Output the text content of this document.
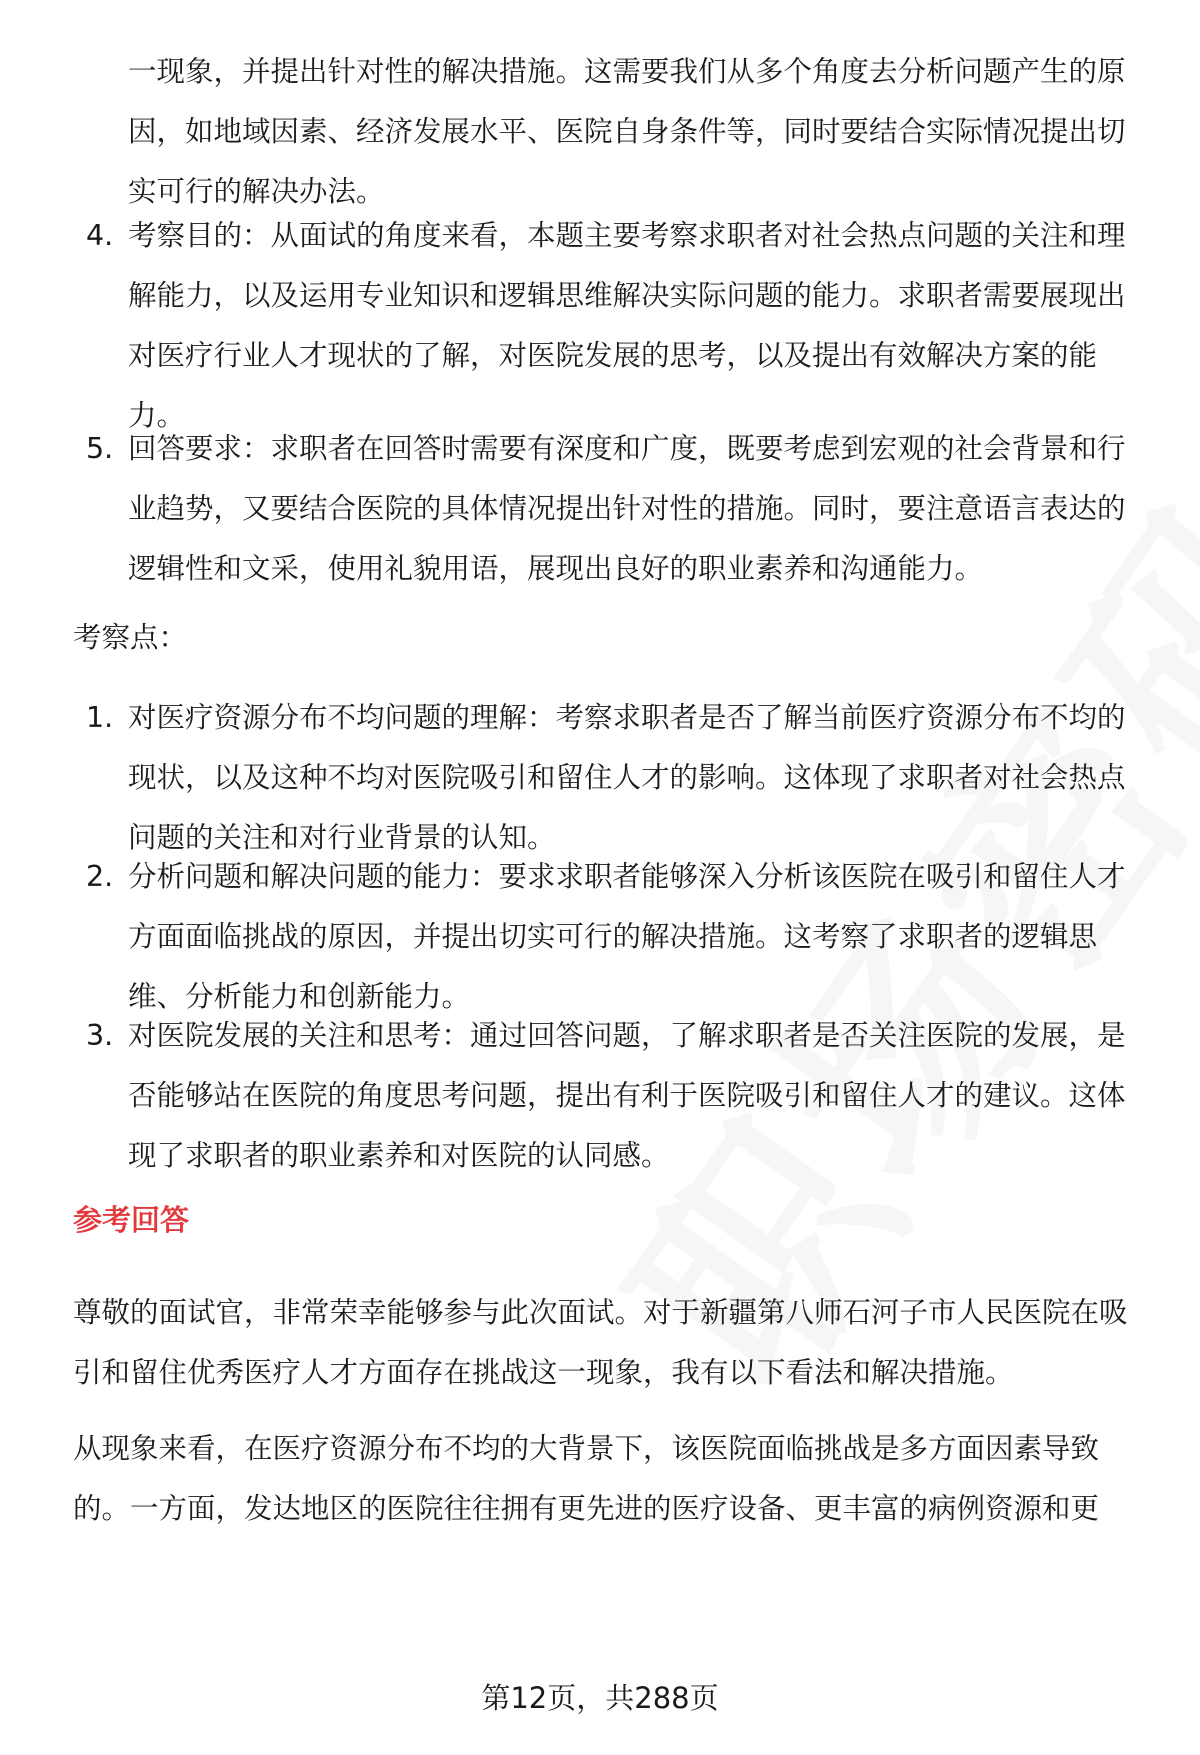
一现象，并提出针对性的解决措施。这需要我们从多个角度去分析问题产生的原因，如地域因素、经济发展水平、医院自身条件等，同时要结合实际情况提出切实可行的解决办法。

4. 考察目的：从面试的角度来看，本题主要考察求职者对社会热点问题的关注和理解能力，以及运用专业知识和逻辑思维解决实际问题的能力。求职者需要展现出对医疗行业人才现状的了解，对医院发展的思考，以及提出有效解决方案的能力。
5. 回答要求：求职者在回答时需要有深度和广度，既要考虑到宏观的社会背景和行业趋势，又要结合医院的具体情况提出针对性的措施。同时，要注意语言表达的逻辑性和文采，使用礼貌用语，展现出良好的职业素养和沟通能力。
考察点：
1. 对医疗资源分布不均问题的理解：考察求职者是否了解当前医疗资源分布不均的现状，以及这种不均对医院吸引和留住人才的影响。这体现了求职者对社会热点问题的关注和对行业背景的认知。
2. 分析问题和解决问题的能力：要求求职者能够深入分析该医院在吸引和留住人才方面面临挑战的原因，并提出切实可行的解决措施。这考察了求职者的逻辑思维、分析能力和创新能力。
3. 对医院发展的关注和思考：通过回答问题，了解求职者是否关注医院的发展，是否能够站在医院的角度思考问题，提出有利于医院吸引和留住人才的建议。这体现了求职者的职业素养和对医院的认同感。
参考回答
尊敬的面试官，非常荣幸能够参与此次面试。对于新疆第八师石河子市人民医院在吸引和留住优秀医疗人才方面存在挑战这一现象，我有以下看法和解决措施。
从现象来看，在医疗资源分布不均的大背景下，该医院面临挑战是多方面因素导致的。一方面，发达地区的医院往往拥有更先进的医疗设备、更丰富的病例资源和更
第12页，共288页
